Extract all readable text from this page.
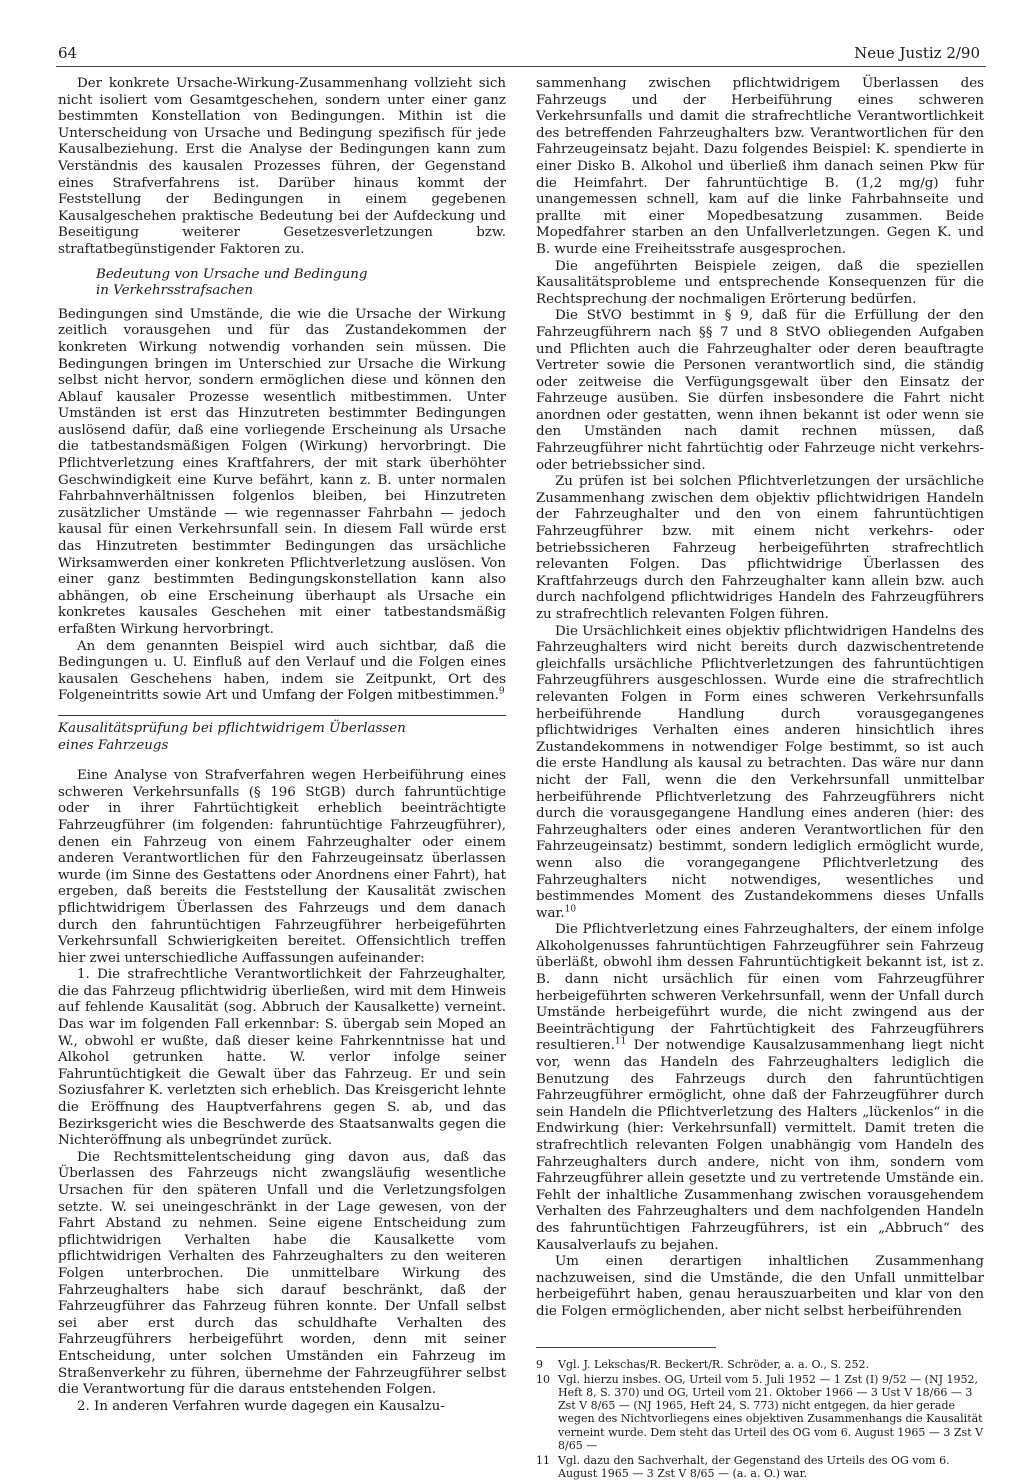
64	Neue Justiz 2/90

Der konkrete Ursache-Wirkung-Zusammenhang vollzieht sich nicht isoliert vom Gesamtgeschehen, sondern unter einer ganz bestimmten Konstellation von Bedingungen. Mithin ist die Unterscheidung von Ursache und Bedingung spezifisch für jede Kausalbeziehung. Erst die Analyse der Bedingungen kann zum Verständnis des kausalen Prozesses führen, der Gegenstand eines Strafverfahrens ist. Darüber hinaus kommt der Feststellung der Bedingungen in einem gegebenen Kausalgeschehen praktische Bedeutung bei der Aufdeckung und Beseitigung weiterer Gesetzesverletzungen bzw. straftatbegünstigender Faktoren zu.

Bedeutung von Ursache und Bedingung
in Verkehrsstrafsachen

Bedingungen sind Umstände, die wie die Ursache der Wirkung zeitlich vorausgehen und für das Zustandekommen der konkreten Wirkung notwendig vorhanden sein müssen. Die Bedingungen bringen im Unterschied zur Ursache die Wirkung selbst nicht hervor, sondern ermöglichen diese und können den Ablauf kausaler Prozesse wesentlich mitbestimmen. Unter Umständen ist erst das Hinzutreten bestimmter Bedingungen auslösend dafür, daß eine vorliegende Erscheinung als Ursache die tatbestandsmäßigen Folgen (Wirkung) hervorbringt. Die Pflichtverletzung eines Kraftfahrers, der mit stark überhöhter Geschwindigkeit eine Kurve befährt, kann z. B. unter normalen Fahrbahnverhältnissen folgenlos bleiben, bei Hinzutreten zusätzlicher Umstände — wie regennasser Fahrbahn — jedoch kausal für einen Verkehrsunfall sein. In diesem Fall würde erst das Hinzutreten bestimmter Bedingungen das ursächliche Wirksamwerden einer konkreten Pflichtverletzung auslösen. Von einer ganz bestimmten Bedingungskonstellation kann also abhängen, ob eine Erscheinung überhaupt als Ursache ein konkretes kausales Geschehen mit einer tatbestandsmäßig erfaßten Wirkung hervorbringt.

An dem genannten Beispiel wird auch sichtbar, daß die Bedingungen u. U. Einfluß auf den Verlauf und die Folgen eines kausalen Geschehens haben, indem sie Zeitpunkt, Ort des Folgeneintritts sowie Art und Umfang der Folgen mitbestimmen.$^9$

Kausalitätsprüfung bei pflichtwidrigem Überlassen
eines Fahrzeugs

Eine Analyse von Strafverfahren wegen Herbeiführung eines schweren Verkehrsunfalls (§ 196 StGB) durch fahruntüchtige oder in ihrer Fahrtüchtigkeit erheblich beeinträchtigte Fahrzeugführer (im folgenden: fahruntüchtige Fahrzeugführer), denen ein Fahrzeug von einem Fahrzeughalter oder einem anderen Verantwortlichen für den Fahrzeugeinsatz überlassen wurde (im Sinne des Gestattens oder Anordnens einer Fahrt), hat ergeben, daß bereits die Feststellung der Kausalität zwischen pflichtwidrigem Überlassen des Fahrzeugs und dem danach durch den fahruntüchtigen Fahrzeugführer herbeigeführten Verkehrsunfall Schwierigkeiten bereitet. Offensichtlich treffen hier zwei unterschiedliche Auffassungen aufeinander:

1. Die strafrechtliche Verantwortlichkeit der Fahrzeughalter, die das Fahrzeug pflichtwidrig überließen, wird mit dem Hinweis auf fehlende Kausalität (sog. Abbruch der Kausalkette) verneint. Das war im folgenden Fall erkennbar: S. übergab sein Moped an W., obwohl er wußte, daß dieser keine Fahrkenntnisse hat und Alkohol getrunken hatte. W. verlor infolge seiner Fahruntüchtigkeit die Gewalt über das Fahrzeug. Er und sein Soziusfahrer K. verletzten sich erheblich. Das Kreisgericht lehnte die Eröffnung des Hauptverfahrens gegen S. ab, und das Bezirksgericht wies die Beschwerde des Staatsanwalts gegen die Nichteröffnung als unbegründet zurück.

Die Rechtsmittelentscheidung ging davon aus, daß das Überlassen des Fahrzeugs nicht zwangsläufig wesentliche Ursachen für den späteren Unfall und die Verletzungsfolgen setzte. W. sei uneingeschränkt in der Lage gewesen, von der Fahrt Abstand zu nehmen. Seine eigene Entscheidung zum pflichtwidrigen Verhalten habe die Kausalkette vom pflichtwidrigen Verhalten des Fahrzeughalters zu den weiteren Folgen unterbrochen. Die unmittelbare Wirkung des Fahrzeughalters habe sich darauf beschränkt, daß der Fahrzeugführer das Fahrzeug führen konnte. Der Unfall selbst sei aber erst durch das schuldhafte Verhalten des Fahrzeugführers herbeigeführt worden, denn mit seiner Entscheidung, unter solchen Umständen ein Fahrzeug im Straßenverkehr zu führen, übernehme der Fahrzeugführer selbst die Verantwortung für die daraus entstehenden Folgen.

2. In anderen Verfahren wurde dagegen ein Kausalzu-

sammenhang zwischen pflichtwidrigem Überlassen des Fahrzeugs und der Herbeiführung eines schweren Verkehrsunfalls und damit die strafrechtliche Verantwortlichkeit des betreffenden Fahrzeughalters bzw. Verantwortlichen für den Fahrzeugeinsatz bejaht. Dazu folgendes Beispiel: K. spendierte in einer Disko B. Alkohol und überließ ihm danach seinen Pkw für die Heimfahrt. Der fahruntüchtige B. (1,2 mg/g) fuhr unangemessen schnell, kam auf die linke Fahrbahnseite und prallte mit einer Mopedbesatzung zusammen. Beide Mopedfahrer starben an den Unfallverletzungen. Gegen K. und B. wurde eine Freiheitsstrafe ausgesprochen.

Die angeführten Beispiele zeigen, daß die speziellen Kausalitätsprobleme und entsprechende Konsequenzen für die Rechtsprechung der nochmaligen Erörterung bedürfen.

Die StVO bestimmt in § 9, daß für die Erfüllung der den Fahrzeugführern nach §§ 7 und 8 StVO obliegenden Aufgaben und Pflichten auch die Fahrzeughalter oder deren beauftragte Vertreter sowie die Personen verantwortlich sind, die ständig oder zeitweise die Verfügungsgewalt über den Einsatz der Fahrzeuge ausüben. Sie dürfen insbesondere die Fahrt nicht anordnen oder gestatten, wenn ihnen bekannt ist oder wenn sie den Umständen nach damit rechnen müssen, daß Fahrzeugführer nicht fahrtüchtig oder Fahrzeuge nicht verkehrs- oder betriebssicher sind.

Zu prüfen ist bei solchen Pflichtverletzungen der ursächliche Zusammenhang zwischen dem objektiv pflichtwidrigen Handeln der Fahrzeughalter und den von einem fahruntüchtigen Fahrzeugführer bzw. mit einem nicht verkehrs- oder betriebssicheren Fahrzeug herbeigeführten strafrechtlich relevanten Folgen. Das pflichtwidrige Überlassen des Kraftfahrzeugs durch den Fahrzeughalter kann allein bzw. auch durch nachfolgend pflichtwidriges Handeln des Fahrzeugführers zu strafrechtlich relevanten Folgen führen.

Die Ursächlichkeit eines objektiv pflichtwidrigen Handelns des Fahrzeughalters wird nicht bereits durch dazwischentretende gleichfalls ursächliche Pflichtverletzungen des fahruntüchtigen Fahrzeugführers ausgeschlossen. Wurde eine die strafrechtlich relevanten Folgen in Form eines schweren Verkehrsunfalls herbeiführende Handlung durch vorausgegangenes pflichtwidriges Verhalten eines anderen hinsichtlich ihres Zustandekommens in notwendiger Folge bestimmt, so ist auch die erste Handlung als kausal zu betrachten. Das wäre nur dann nicht der Fall, wenn die den Verkehrsunfall unmittelbar herbeiführende Pflichtverletzung des Fahrzeugführers nicht durch die vorausgegangene Handlung eines anderen (hier: des Fahrzeughalters oder eines anderen Verantwortlichen für den Fahrzeugeinsatz) bestimmt, sondern lediglich ermöglicht wurde, wenn also die vorangegangene Pflichtverletzung des Fahrzeughalters nicht notwendiges, wesentliches und bestimmendes Moment des Zustandekommens dieses Unfalls war.$^{10}$

Die Pflichtverletzung eines Fahrzeughalters, der einem infolge Alkoholgenusses fahruntüchtigen Fahrzeugführer sein Fahrzeug überläßt, obwohl ihm dessen Fahruntüchtigkeit bekannt ist, ist z. B. dann nicht ursächlich für einen vom Fahrzeugführer herbeigeführten schweren Verkehrsunfall, wenn der Unfall durch Umstände herbeigeführt wurde, die nicht zwingend aus der Beeinträchtigung der Fahrtüchtigkeit des Fahrzeugführers resultieren.$^{11}$ Der notwendige Kausalzusammenhang liegt nicht vor, wenn das Handeln des Fahrzeughalters lediglich die Benutzung des Fahrzeugs durch den fahruntüchtigen Fahrzeugführer ermöglicht, ohne daß der Fahrzeugführer durch sein Handeln die Pflichtverletzung des Halters „lückenlos“ in die Endwirkung (hier: Verkehrsunfall) vermittelt. Damit treten die strafrechtlich relevanten Folgen unabhängig vom Handeln des Fahrzeughalters durch andere, nicht von ihm, sondern vom Fahrzeugführer allein gesetzte und zu vertretende Umstände ein. Fehlt der inhaltliche Zusammenhang zwischen vorausgehendem Verhalten des Fahrzeughalters und dem nachfolgenden Handeln des fahruntüchtigen Fahrzeugführers, ist ein „Abbruch“ des Kausalverlaufs zu bejahen.

Um einen derartigen inhaltlichen Zusammenhang nachzuweisen, sind die Umstände, die den Unfall unmittelbar herbeigeführt haben, genau herauszuarbeiten und klar von den die Folgen ermöglichenden, aber nicht selbst herbeiführenden

9	Vgl. J. Lekschas/R. Beckert/R. Schröder, a. a. O., S. 252.
10 Vgl. hierzu insbes. OG, Urteil vom 5. Juli 1952 — 1 Zst (I) 9/52 — (NJ 1952, Heft 8, S. 370) und OG, Urteil vom 21. Oktober 1966 — 3 Ust V 18/66 — 3 Zst V 8/65 — (NJ 1965, Heft 24, S. 773) nicht entgegen, da hier gerade wegen des Nichtvorliegens eines objektiven Zusammenhangs die Kausalität verneint wurde. Dem steht das Urteil des OG vom 6. August 1965 — 3 Zst V 8/65 —
11 Vgl. dazu den Sachverhalt, der Gegenstand des Urteils des OG vom 6. August 1965 — 3 Zst V 8/65 — (a. a. O.) war.
